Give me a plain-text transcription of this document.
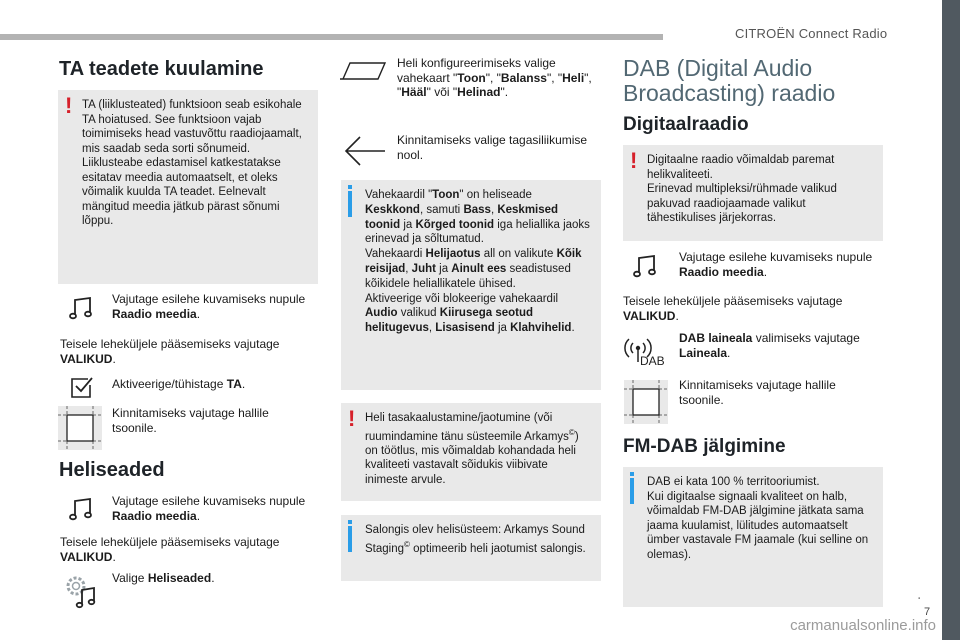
CITROËN Connect Radio
.
7
TA teadete kuulamine
! TA (liiklusteated) funktsioon seab esikohale TA hoiatused. See funktsioon vajab toimimiseks head vastuvõttu raadiojaamalt, mis saadab seda sorti sõnumeid. Liiklusteabe edastamisel katkestatakse esitatav meedia automaatselt, et oleks võimalik kuulda TA teadet. Eelnevalt mängitud meedia jätkub pärast sõnumi lõppu.
Vajutage esilehe kuvamiseks nupule Raadio meedia.
Teisele leheküljele pääsemiseks vajutage VALIKUD.
Aktiveerige/tühistage TA.
Kinnitamiseks vajutage hallile tsoonile.
Heliseaded
Vajutage esilehe kuvamiseks nupule Raadio meedia.
Teisele leheküljele pääsemiseks vajutage VALIKUD.
Valige Heliseaded.
Heli konfigureerimiseks valige vahekaart "Toon", "Balanss", "Heli", "Hääl" või "Helinad".
Kinnitamiseks valige tagasiliikumise nool.
Vahekaardil "Toon" on heliseade Keskkond, samuti Bass, Keskmised toonid ja Kõrged toonid iga heliallika jaoks erinevad ja sõltumatud.
Vahekaardi Helijaotus all on valikute Kõik reisijad, Juht ja Ainult ees seadistused kõikidele heliallikatele ühised.
Aktiveerige või blokeerige vahekaardil Audio valikud Kiirusega seotud helitugevus, Lisasisend ja Klahvihelid.
! Heli tasakaalustamine/jaotumine (või ruumindamine tänu süsteemile Arkamys©) on töötlus, mis võimaldab kohandada heli kvaliteeti vastavalt sõidukis viibivate inimeste arvule.
Salongis olev helisüsteem: Arkamys Sound Staging© optimeerib heli jaotumist salongis.
DAB (Digital Audio Broadcasting) raadio
Digitaalraadio
! Digitaalne raadio võimaldab paremat helikvaliteeti.
Erinevad multipleksi/rühmade valikud pakuvad raadiojaamade valikut tähestikulises järjekorras.
Vajutage esilehe kuvamiseks nupule Raadio meedia.
Teisele leheküljele pääsemiseks vajutage VALIKUD.
DAB
DAB laineala valimiseks vajutage Laineala.
Kinnitamiseks vajutage hallile tsoonile.
FM-DAB jälgimine
DAB ei kata 100 % territooriumist.
Kui digitaalse signaali kvaliteet on halb, võimaldab FM-DAB jälgimine jätkata sama jaama kuulamist, lülitudes automaatselt ümber vastavale FM jaamale (kui selline on olemas).
carmanualsonline.info
